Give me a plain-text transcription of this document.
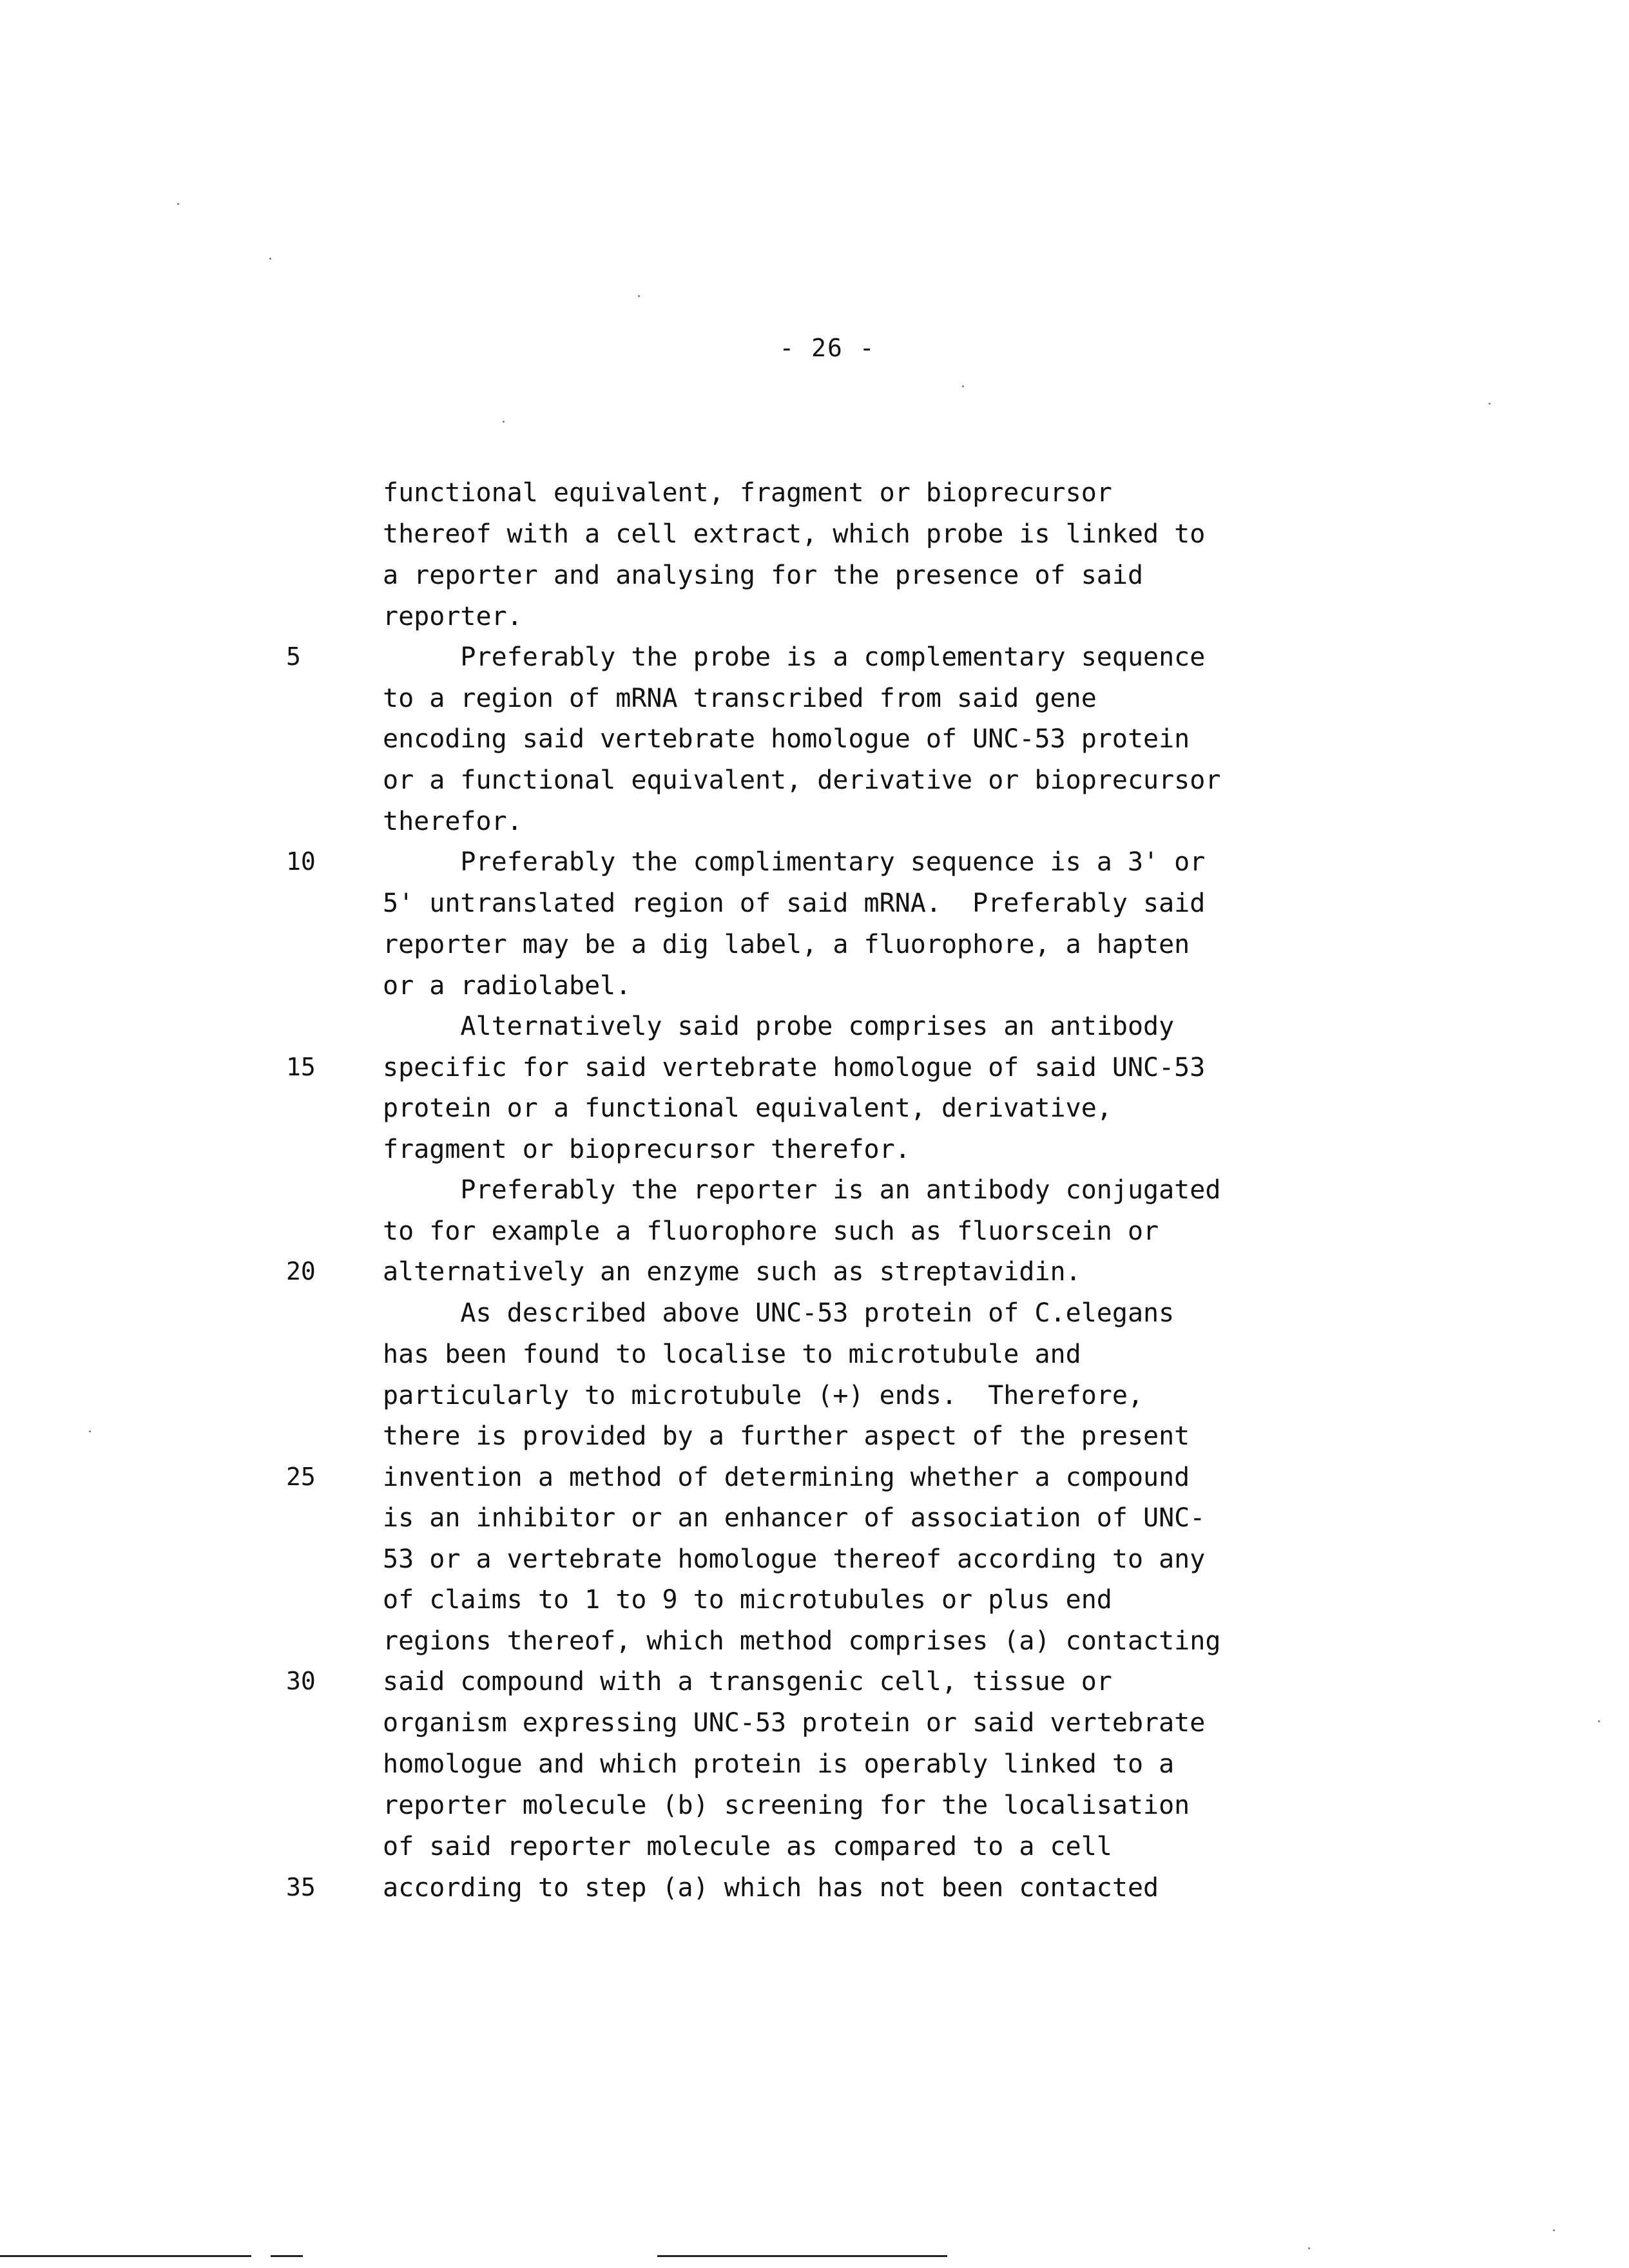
- 26 -
5
10
15
20
25
30
35
functional equivalent, fragment or bioprecursor
thereof with a cell extract, which probe is linked to
a reporter and analysing for the presence of said
reporter.
Preferably the probe is a complementary sequence
to a region of mRNA transcribed from said gene
encoding said vertebrate homologue of UNC-53 protein
or a functional equivalent, derivative or bioprecursor
therefor.
Preferably the complimentary sequence is a 3' or
5' untranslated region of said mRNA.  Preferably said
reporter may be a dig label, a fluorophore, a hapten
or a radiolabel.
Alternatively said probe comprises an antibody
specific for said vertebrate homologue of said UNC-53
protein or a functional equivalent, derivative,
fragment or bioprecursor therefor.
Preferably the reporter is an antibody conjugated
to for example a fluorophore such as fluorscein or
alternatively an enzyme such as streptavidin.
As described above UNC-53 protein of C.elegans
has been found to localise to microtubule and
particularly to microtubule (+) ends.  Therefore,
there is provided by a further aspect of the present
invention a method of determining whether a compound
is an inhibitor or an enhancer of association of UNC-
53 or a vertebrate homologue thereof according to any
of claims to 1 to 9 to microtubules or plus end
regions thereof, which method comprises (a) contacting
said compound with a transgenic cell, tissue or
organism expressing UNC-53 protein or said vertebrate
homologue and which protein is operably linked to a
reporter molecule (b) screening for the localisation
of said reporter molecule as compared to a cell
according to step (a) which has not been contacted
